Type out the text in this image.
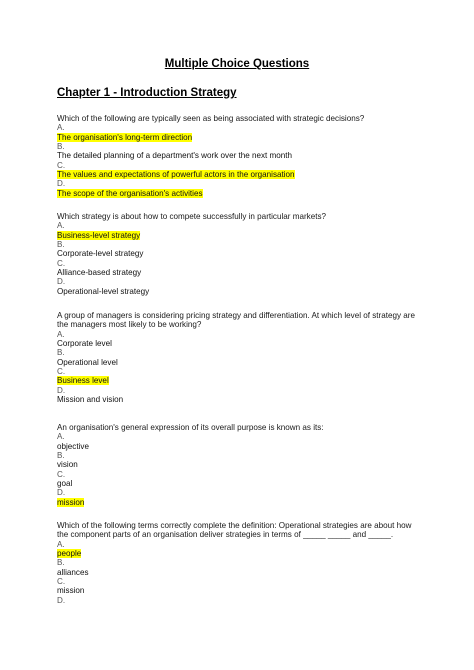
Multiple Choice Questions
Chapter 1 - Introduction Strategy
Which of the following are typically seen as being associated with strategic decisions?
A.
The organisation's long-term direction
B.
The detailed planning of a department's work over the next month
C.
The values and expectations of powerful actors in the organisation
D.
The scope of the organisation's activities
Which strategy is about how to compete successfully in particular markets?
A.
Business-level strategy
B.
Corporate-level strategy
C.
Alliance-based strategy
D.
Operational-level strategy
A group of managers is considering pricing strategy and differentiation. At which level of strategy are
the managers most likely to be working?
A.
Corporate level
B.
Operational level
C.
Business level
D.
Mission and vision
An organisation's general expression of its overall purpose is known as its:
A.
objective
B.
vision
C.
goal
D.
mission
Which of the following terms correctly complete the definition: Operational strategies are about how
the component parts of an organisation deliver strategies in terms of _____ _____ and _____.
A.
people
B.
alliances
C.
mission
D.
